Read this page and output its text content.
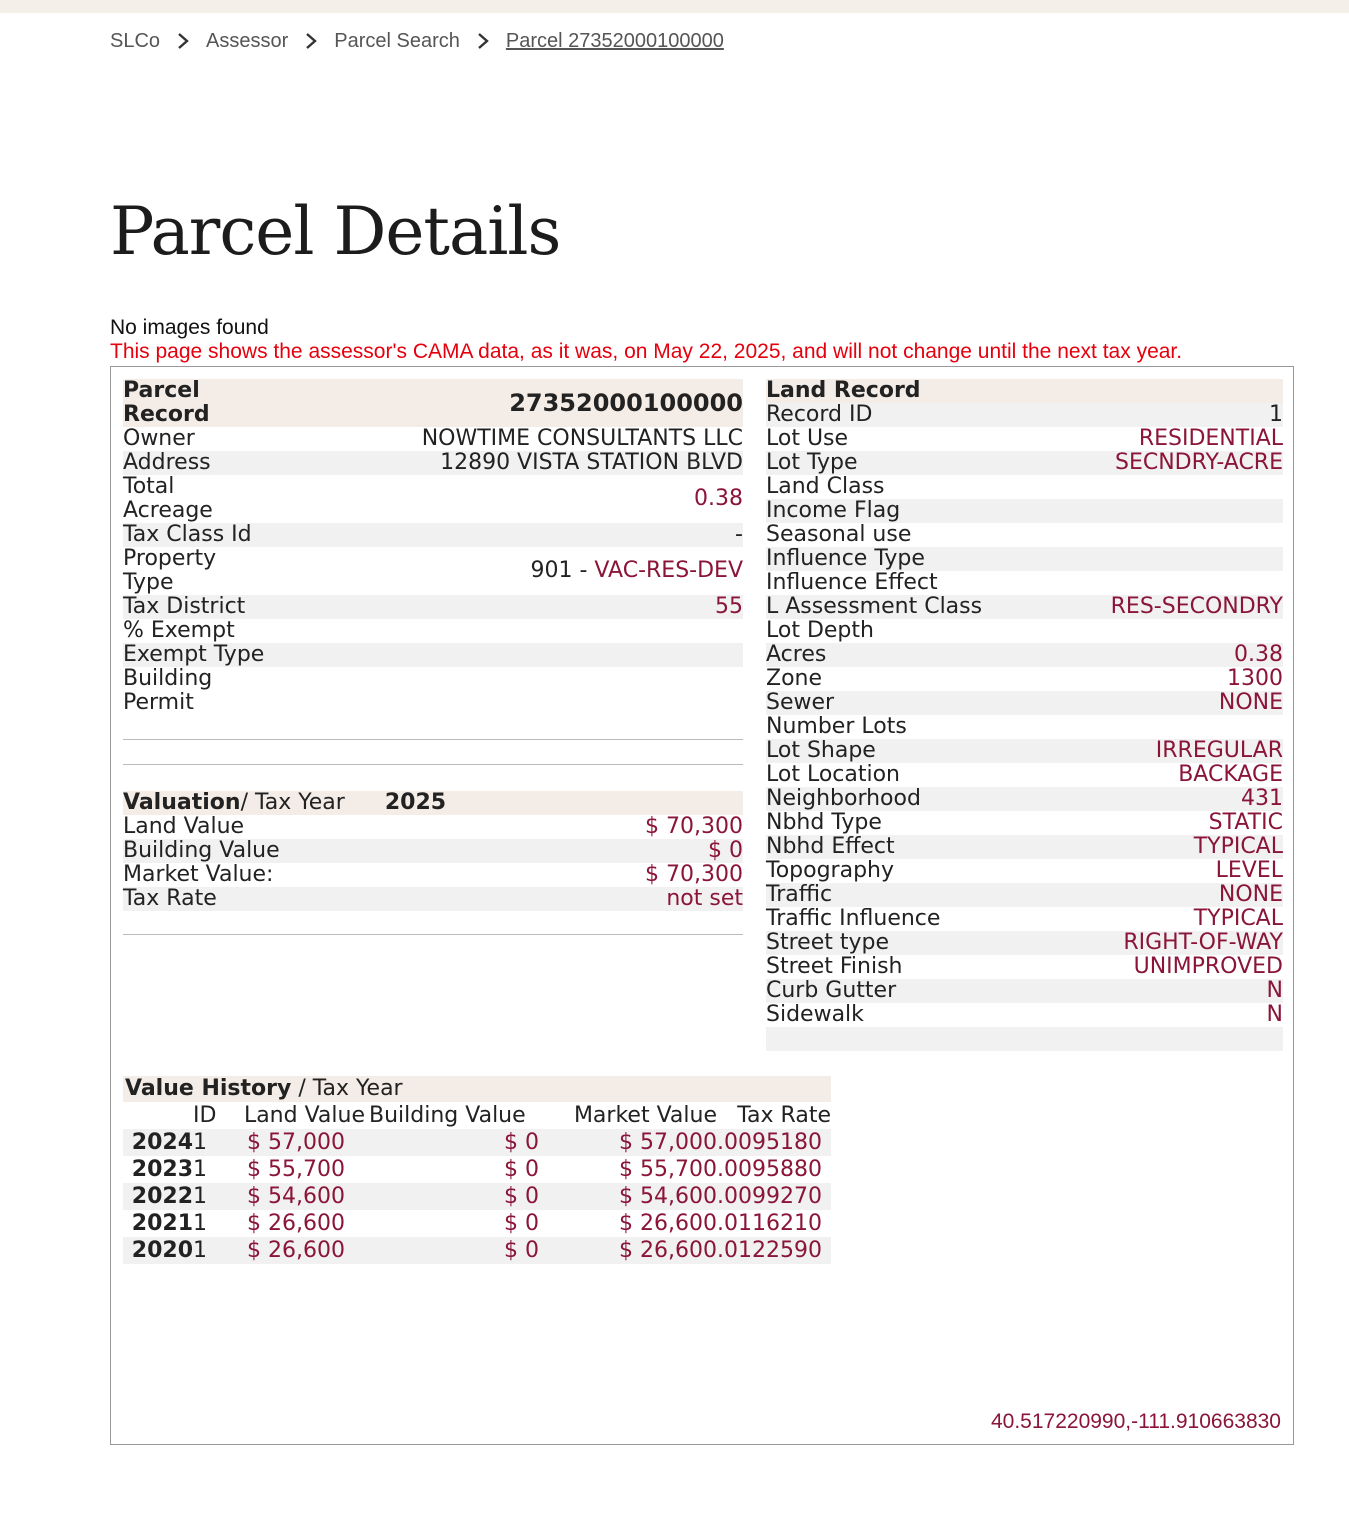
SLCo Assessor Parcel Search Parcel 27352000100000
Parcel Details
No images found
This page shows the assessor's CAMA data, as it was, on May 22, 2025, and will not change until the next tax year.
Parcel Record	27352000100000
Owner	NOWTIME CONSULTANTS LLC
Address	12890 VISTA STATION BLVD
Total Acreage	0.38
Tax Class Id	-
Property Type	901 - VAC-RES-DEV
Tax District	55
% Exempt
Exempt Type
Building Permit
Valuation / Tax Year 2025
Land Value	$ 70,300
Building Value	$ 0
Market Value:	$ 70,300
Tax Rate	not set
Land Record
Record ID	1
Lot Use	RESIDENTIAL
Lot Type	SECNDRY-ACRE
Land Class
Income Flag
Seasonal use
Influence Type
Influence Effect
L Assessment Class	RES-SECONDRY
Lot Depth
Acres	0.38
Zone	1300
Sewer	NONE
Number Lots
Lot Shape	IRREGULAR
Lot Location	BACKAGE
Neighborhood	431
Nbhd Type	STATIC
Nbhd Effect	TYPICAL
Topography	LEVEL
Traffic	NONE
Traffic Influence	TYPICAL
Street type	RIGHT-OF-WAY
Street Finish	UNIMPROVED
Curb Gutter	N
Sidewalk	N
Value History / Tax Year
	ID	Land Value	Building Value	Market Value	Tax Rate
2024	1	$ 57,000	$ 0	$ 57,000	.0095180
2023	1	$ 55,700	$ 0	$ 55,700	.0095880
2022	1	$ 54,600	$ 0	$ 54,600	.0099270
2021	1	$ 26,600	$ 0	$ 26,600	.0116210
2020	1	$ 26,600	$ 0	$ 26,600	.0122590
40.517220990,-111.910663830
